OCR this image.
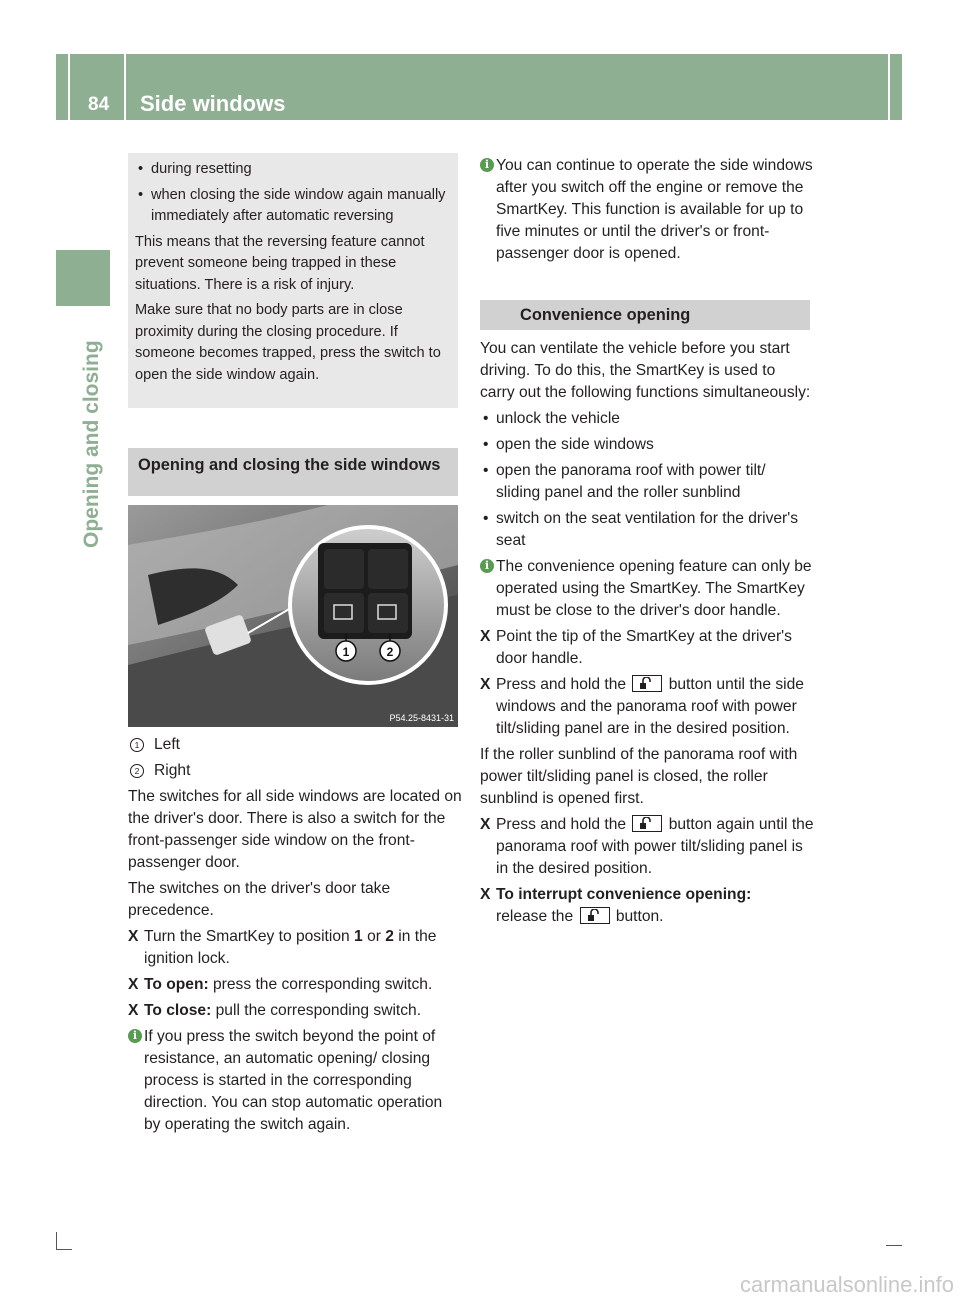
84 Side windows
Opening and closing

• during resetting

• when closing the side window again manually immediately after automatic reversing

This means that the reversing feature cannot prevent someone being trapped in these situations. There is a risk of injury.

Make sure that no body parts are in close proximity during the closing procedure. If someone becomes trapped, press the switch to open the side window again.

Opening and closing the side windows
1	2
P54.25-8431-31

1 Left

2 Right

The switches for all side windows are located on the driver's door. There is also a switch for the front-passenger side window on the front-passenger door.

The switches on the driver's door take precedence.

X Turn the SmartKey to position 1 or 2 in the ignition lock.

X To open: press the corresponding switch.

X To close: pull the corresponding switch.

i If you press the switch beyond the point of resistance, an automatic opening/ closing process is started in the corresponding direction. You can stop automatic operation by operating the switch again.

i You can continue to operate the side windows after you switch off the engine or remove the SmartKey. This function is available for up to five minutes or until the driver's or front-passenger door is opened.

Convenience opening

You can ventilate the vehicle before you start driving. To do this, the SmartKey is used to carry out the following functions simultaneously:

• unlock the vehicle

• open the side windows

• open the panorama roof with power tilt/ sliding panel and the roller sunblind

• switch on the seat ventilation for the driver's seat

i The convenience opening feature can only be operated using the SmartKey. The SmartKey must be close to the driver's door handle.

X Point the tip of the SmartKey at the driver's door handle.

X Press and hold the
button until the side windows and the panorama roof with power tilt/sliding panel are in the desired position.

If the roller sunblind of the panorama roof with power tilt/sliding panel is closed, the roller sunblind is opened first.

X Press and hold the
button again until the panorama roof with power tilt/sliding panel is in the desired position.

X To interrupt convenience opening:
release the
button.

carmanualsonline.info
